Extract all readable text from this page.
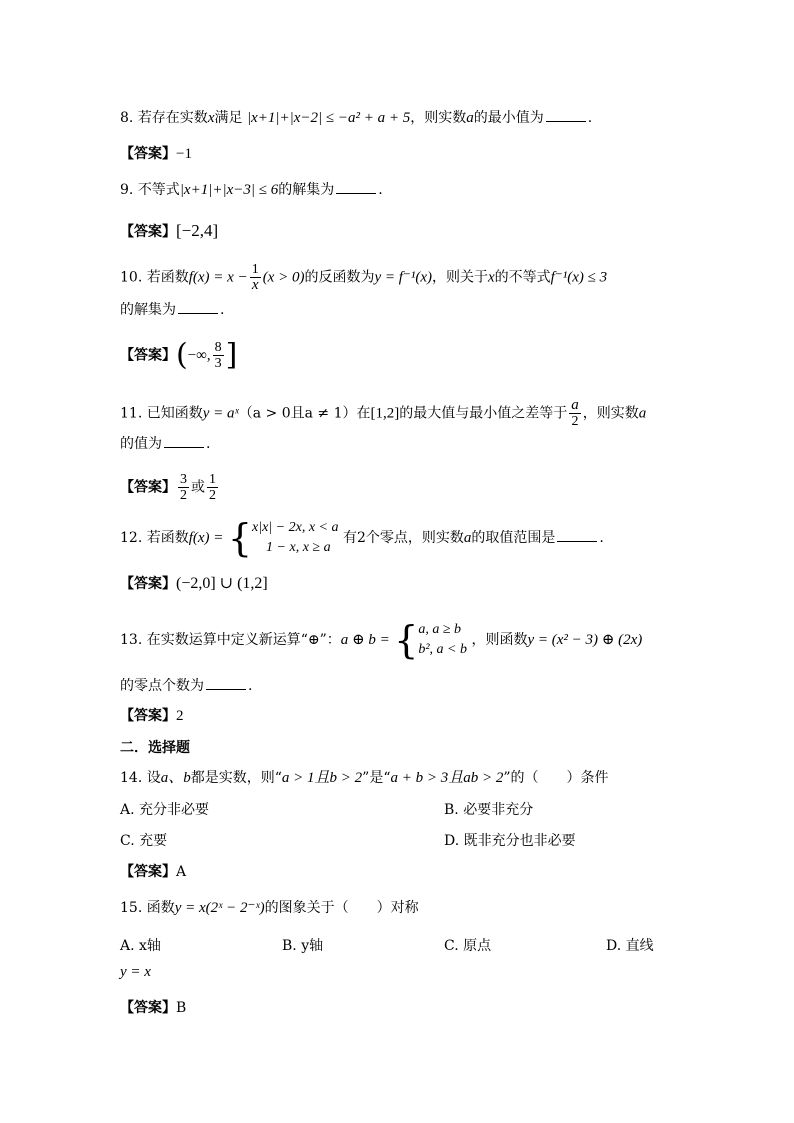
8. 若存在实数x满足 |x+1|+|x−2| ≤ −a² + a + 5，则实数a的最小值为	.
【答案】−1
9. 不等式|x+1|+|x−3| ≤ 6的解集为	.
【答案】[−2,4]
10. 若函数$f(x) = x - \frac{1}{x} (x > 0)$的反函数为y = f⁻¹(x)，则关于x的不等式f⁻¹(x) ≤ 3
的解集为	.
【答案】(−∞, $\frac{8}{3}$ ]
11. 已知函数y = aˣ（a > 0且a ≠ 1）在[1,2]的最大值与最小值之差等于 $\frac{a}{2}$ ，则实数a
的值为	.
【答案】 $\frac{3}{2}$ 或 $\frac{1}{2}$
12. 若函数f(x) = { x|x| − 2x, x < a
1 − x, x ≥ a
有2个零点，则实数a的取值范围是	.
【答案】(−2,0] ∪ (1,2]
13. 在实数运算中定义新运算“⊕”：a ⊕ b = { a, a ≥ b
b², a < b
，则函数y = (x² − 3) ⊕ (2x)
的零点个数为	.
【答案】2
二．选择题
14. 设a、b都是实数，则“a > 1且b > 2”是“a + b > 3且ab > 2”的（　　）条件
A. 充分非必要	B. 必要非充分
C. 充要	D. 既非充分也非必要
【答案】A
15. 函数y = x(2ˣ − 2⁻ˣ)的图象关于（　　）对称
A. x轴	B. y轴	C. 原点	D. 直线
y = x
【答案】B
